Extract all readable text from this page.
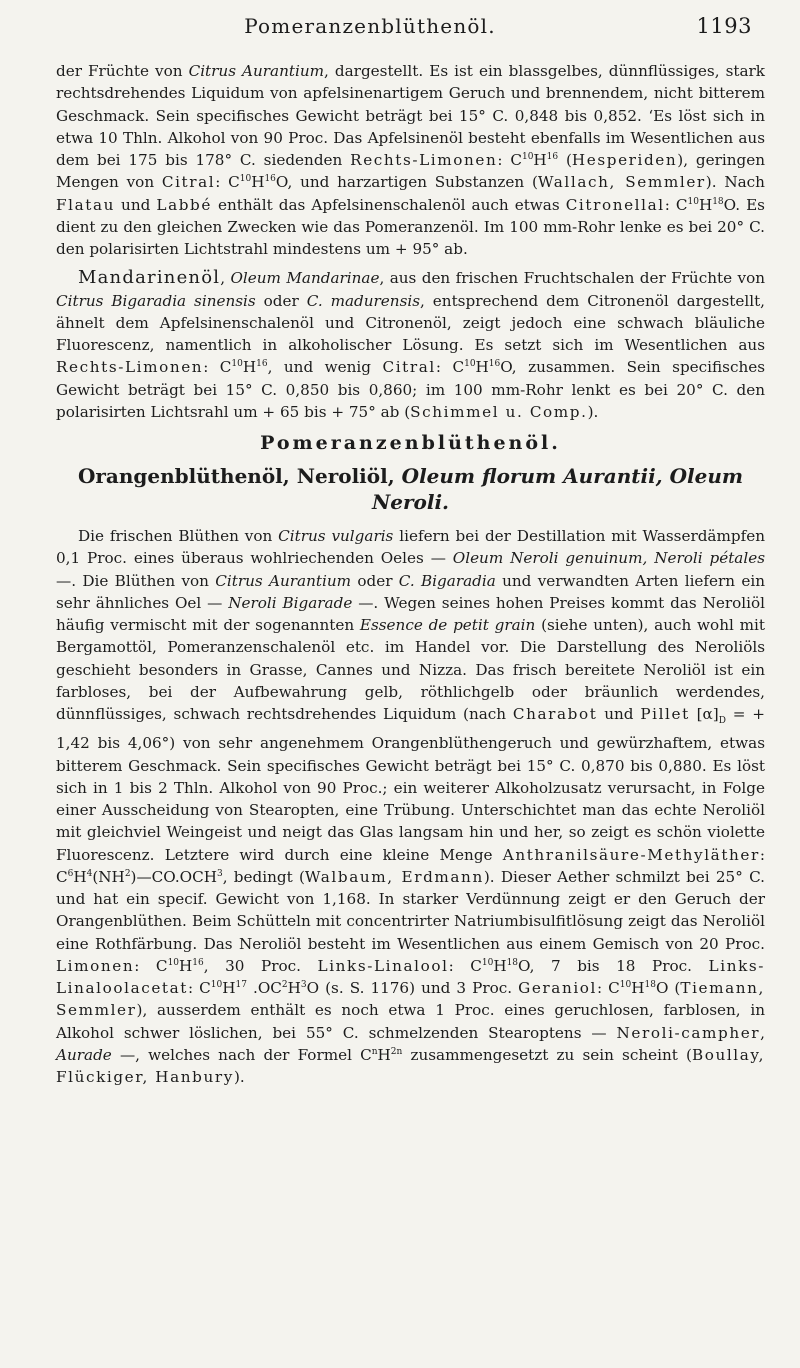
Pomeranzenblüthenöl.	1193

der Früchte von Citrus Aurantium, dargestellt. Es ist ein blassgelbes, dünnflüssiges, stark rechtsdrehendes Liquidum von apfelsinenartigem Geruch und brennendem, nicht bitterem Geschmack. Sein specifisches Gewicht beträgt bei 15° C. 0,848 bis 0,852. ‘Es löst sich in etwa 10 Thln. Alkohol von 90 Proc. Das Apfelsinenöl besteht ebenfalls im Wesentlichen aus dem bei 175 bis 178° C. siedenden Rechts-Limonen: $C^{10}H^{16}$ (Hesperiden), geringen Mengen von Citral: $C^{10}H^{16}O$, und harzartigen Substanzen (Wallach, Semmler). Nach Flatau und Labbé enthält das Apfelsinenschalenöl auch etwas Citronellal: $C^{10}H^{18}O$. Es dient zu den gleichen Zwecken wie das Pomeranzenöl. Im 100 mm-Rohr lenke es bei 20° C. den polarisirten Lichtstrahl mindestens um + 95° ab.

Mandarinenöl, Oleum Mandarinae, aus den frischen Fruchtschalen der Früchte von Citrus Bigaradia sinensis oder C. madurensis, entsprechend dem Citronenöl dargestellt, ähnelt dem Apfelsinenschalenöl und Citronenöl, zeigt jedoch eine schwach bläuliche Fluorescenz, namentlich in alkoholischer Lösung. Es setzt sich im Wesentlichen aus Rechts-Limonen: $C^{10}H^{16}$, und wenig Citral: $C^{10}H^{16}O$, zusammen. Sein specifisches Gewicht beträgt bei 15° C. 0,850 bis 0,860; im 100 mm-Rohr lenkt es bei 20° C. den polarisirten Lichtsrahl um + 65 bis + 75° ab (Schimmel u. Comp.).

Pomeranzenblüthenöl.
Orangenblüthenöl, Neroliöl, Oleum florum Aurantii, Oleum Neroli.

Die frischen Blüthen von Citrus vulgaris liefern bei der Destillation mit Wasserdämpfen 0,1 Proc. eines überaus wohlriechenden Oeles — Oleum Neroli genuinum, Neroli pétales —. Die Blüthen von Citrus Aurantium oder C. Bigaradia und verwandten Arten liefern ein sehr ähnliches Oel — Neroli Bigarade —. Wegen seines hohen Preises kommt das Neroliöl häufig vermischt mit der sogenannten Essence de petit grain (siehe unten), auch wohl mit Bergamottöl, Pomeranzenschalenöl etc. im Handel vor. Die Darstellung des Neroliöls geschieht besonders in Grasse, Cannes und Nizza. Das frisch bereitete Neroliöl ist ein farbloses, bei der Aufbewahrung gelb, röthlichgelb oder bräunlich werdendes, dünnflüssiges, schwach rechtsdrehendes Liquidum (nach Charabot und Pillet $[\alpha]_D$ = + 1,42 bis 4,06°) von sehr angenehmem Orangenblüthengeruch und gewürzhaftem, etwas bitterem Geschmack. Sein specifisches Gewicht beträgt bei 15° C. 0,870 bis 0,880. Es löst sich in 1 bis 2 Thln. Alkohol von 90 Proc.; ein weiterer Alkoholzusatz verursacht, in Folge einer Ausscheidung von Stearopten, eine Trübung. Unterschichtet man das echte Neroliöl mit gleichviel Weingeist und neigt das Glas langsam hin und her, so zeigt es schön violette Fluorescenz. Letztere wird durch eine kleine Menge Anthranilsäure-Methyläther: $C^6H^4(NH^2)—CO.OCH^3$, bedingt (Walbaum, Erdmann). Dieser Aether schmilzt bei 25° C. und hat ein specif. Gewicht von 1,168. In starker Verdünnung zeigt er den Geruch der Orangenblüthen. Beim Schütteln mit concentrirter Natriumbisulfitlösung zeigt das Neroliöl eine Rothfärbung. Das Neroliöl besteht im Wesentlichen aus einem Gemisch von 20 Proc. Limonen: $C^{10}H^{16}$, 30 Proc. Links-Linalool: $C^{10}H^{18}O$, 7 bis 18 Proc. Links-Linaloolacetat: $C^{10}H^{17}$ $.OC^2H^3O$ (s. S. 1176) und 3 Proc. Geraniol: $C^{10}H^{18}O$ (Tiemann, Semmler), ausserdem enthält es noch etwa 1 Proc. eines geruchlosen, farblosen, in Alkohol schwer löslichen, bei 55° C. schmelzenden Stearoptens — Neroli-campher, Aurade —, welches nach der Formel $C^nH^{2n}$ zusammengesetzt zu sein scheint (Boullay, Flückiger, Hanbury).
